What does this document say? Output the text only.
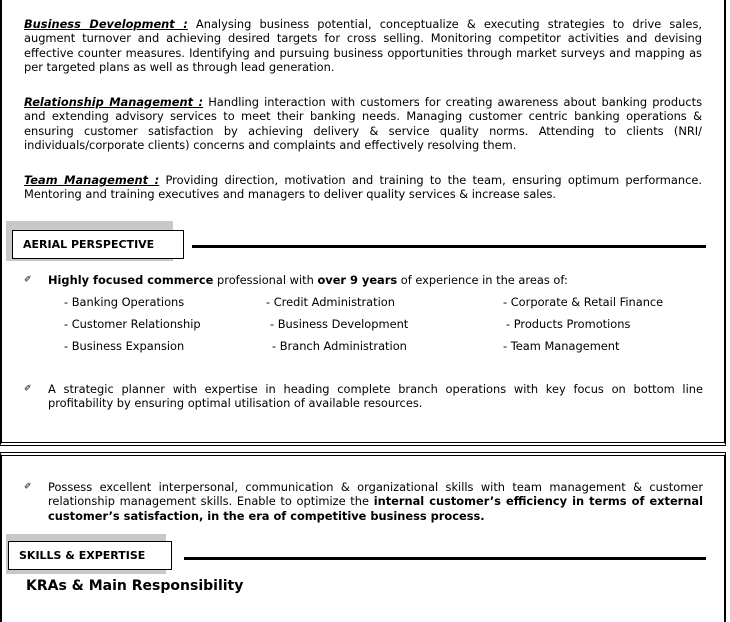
Business Development : Analysing business potential, conceptualize & executing strategies to drive sales, augment turnover and achieving desired targets for cross selling. Monitoring competitor activities and devising effective counter measures. Identifying and pursuing business opportunities through market surveys and mapping as per targeted plans as well as through lead generation.

Relationship Management : Handling interaction with customers for creating awareness about banking products and extending advisory services to meet their banking needs. Managing customer centric banking operations & ensuring customer satisfaction by achieving delivery & service quality norms. Attending to clients (NRI/ individuals/corporate clients) concerns and complaints and effectively resolving them.

Team Management : Providing direction, motivation and training to the team, ensuring optimum performance. Mentoring and training executives and managers to deliver quality services & increase sales.

AERIAL PERSPECTIVE
✐ Highly focused commerce professional with over 9 years of experience in the areas of:

- Banking Operations	- Credit Administration	- Corporate & Retail Finance
- Customer Relationship	- Business Development	- Products Promotions
- Business Expansion	- Branch Administration	- Team Management
✐ A strategic planner with expertise in heading complete branch operations with key focus on bottom line profitability by ensuring optimal utilisation of available resources.

✐ Possess excellent interpersonal, communication & organizational skills with team management & customer relationship management skills. Enable to optimize the internal customer’s efficiency in terms of external customer’s satisfaction, in the era of competitive business process.

SKILLS & EXPERTISE
KRAs & Main Responsibility
